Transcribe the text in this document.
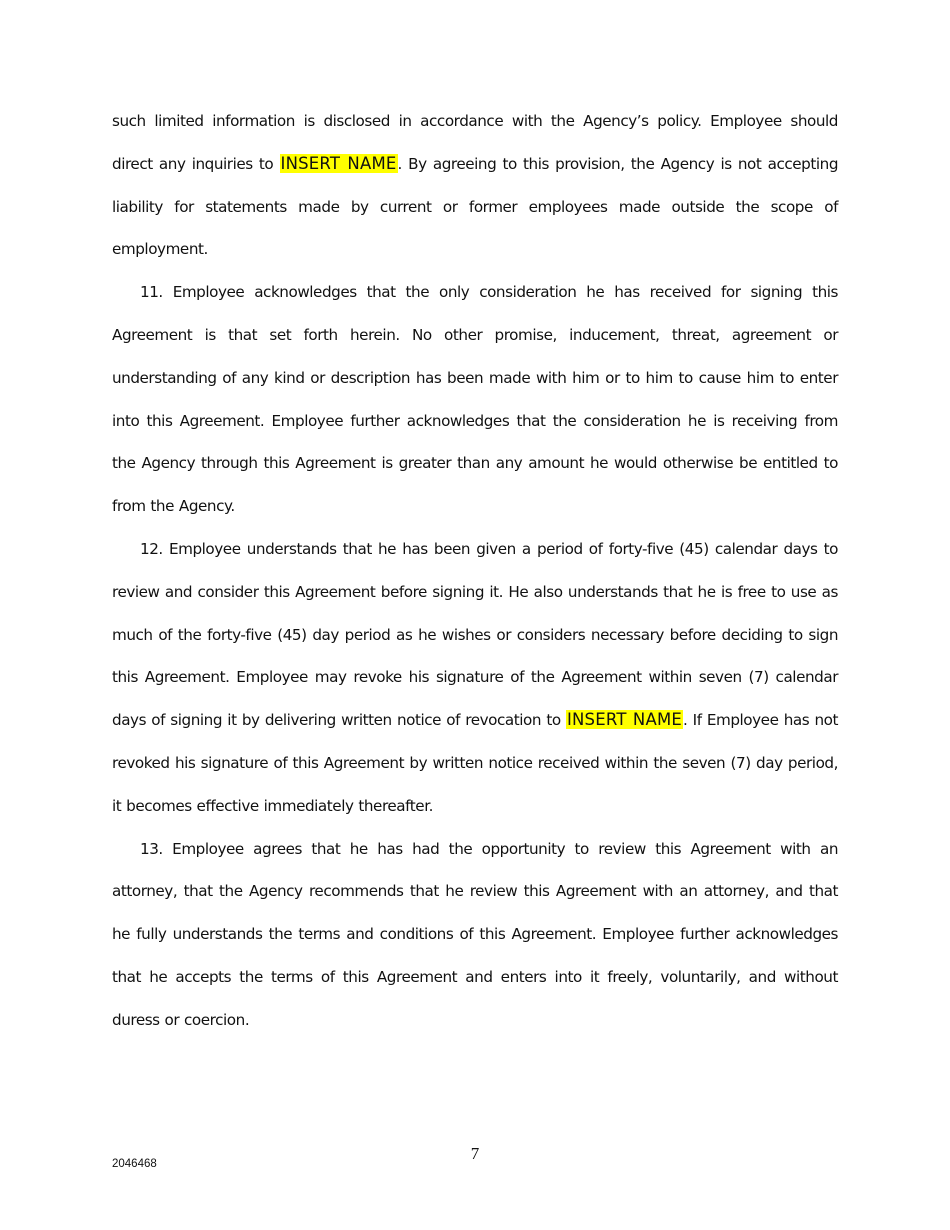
such limited information is disclosed in accordance with the Agency’s policy. Employee should direct any inquiries to INSERT NAME. By agreeing to this provision, the Agency is not accepting liability for statements made by current or former employees made outside the scope of employment.

11. Employee acknowledges that the only consideration he has received for signing this Agreement is that set forth herein. No other promise, inducement, threat, agreement or understanding of any kind or description has been made with him or to him to cause him to enter into this Agreement. Employee further acknowledges that the consideration he is receiving from the Agency through this Agreement is greater than any amount he would otherwise be entitled to from the Agency.

12. Employee understands that he has been given a period of forty-five (45) calendar days to review and consider this Agreement before signing it. He also understands that he is free to use as much of the forty-five (45) day period as he wishes or considers necessary before deciding to sign this Agreement. Employee may revoke his signature of the Agreement within seven (7) calendar days of signing it by delivering written notice of revocation to INSERT NAME. If Employee has not revoked his signature of this Agreement by written notice received within the seven (7) day period, it becomes effective immediately thereafter.

13. Employee agrees that he has had the opportunity to review this Agreement with an attorney, that the Agency recommends that he review this Agreement with an attorney, and that he fully understands the terms and conditions of this Agreement. Employee further acknowledges that he accepts the terms of this Agreement and enters into it freely, voluntarily, and without duress or coercion.

7
2046468
